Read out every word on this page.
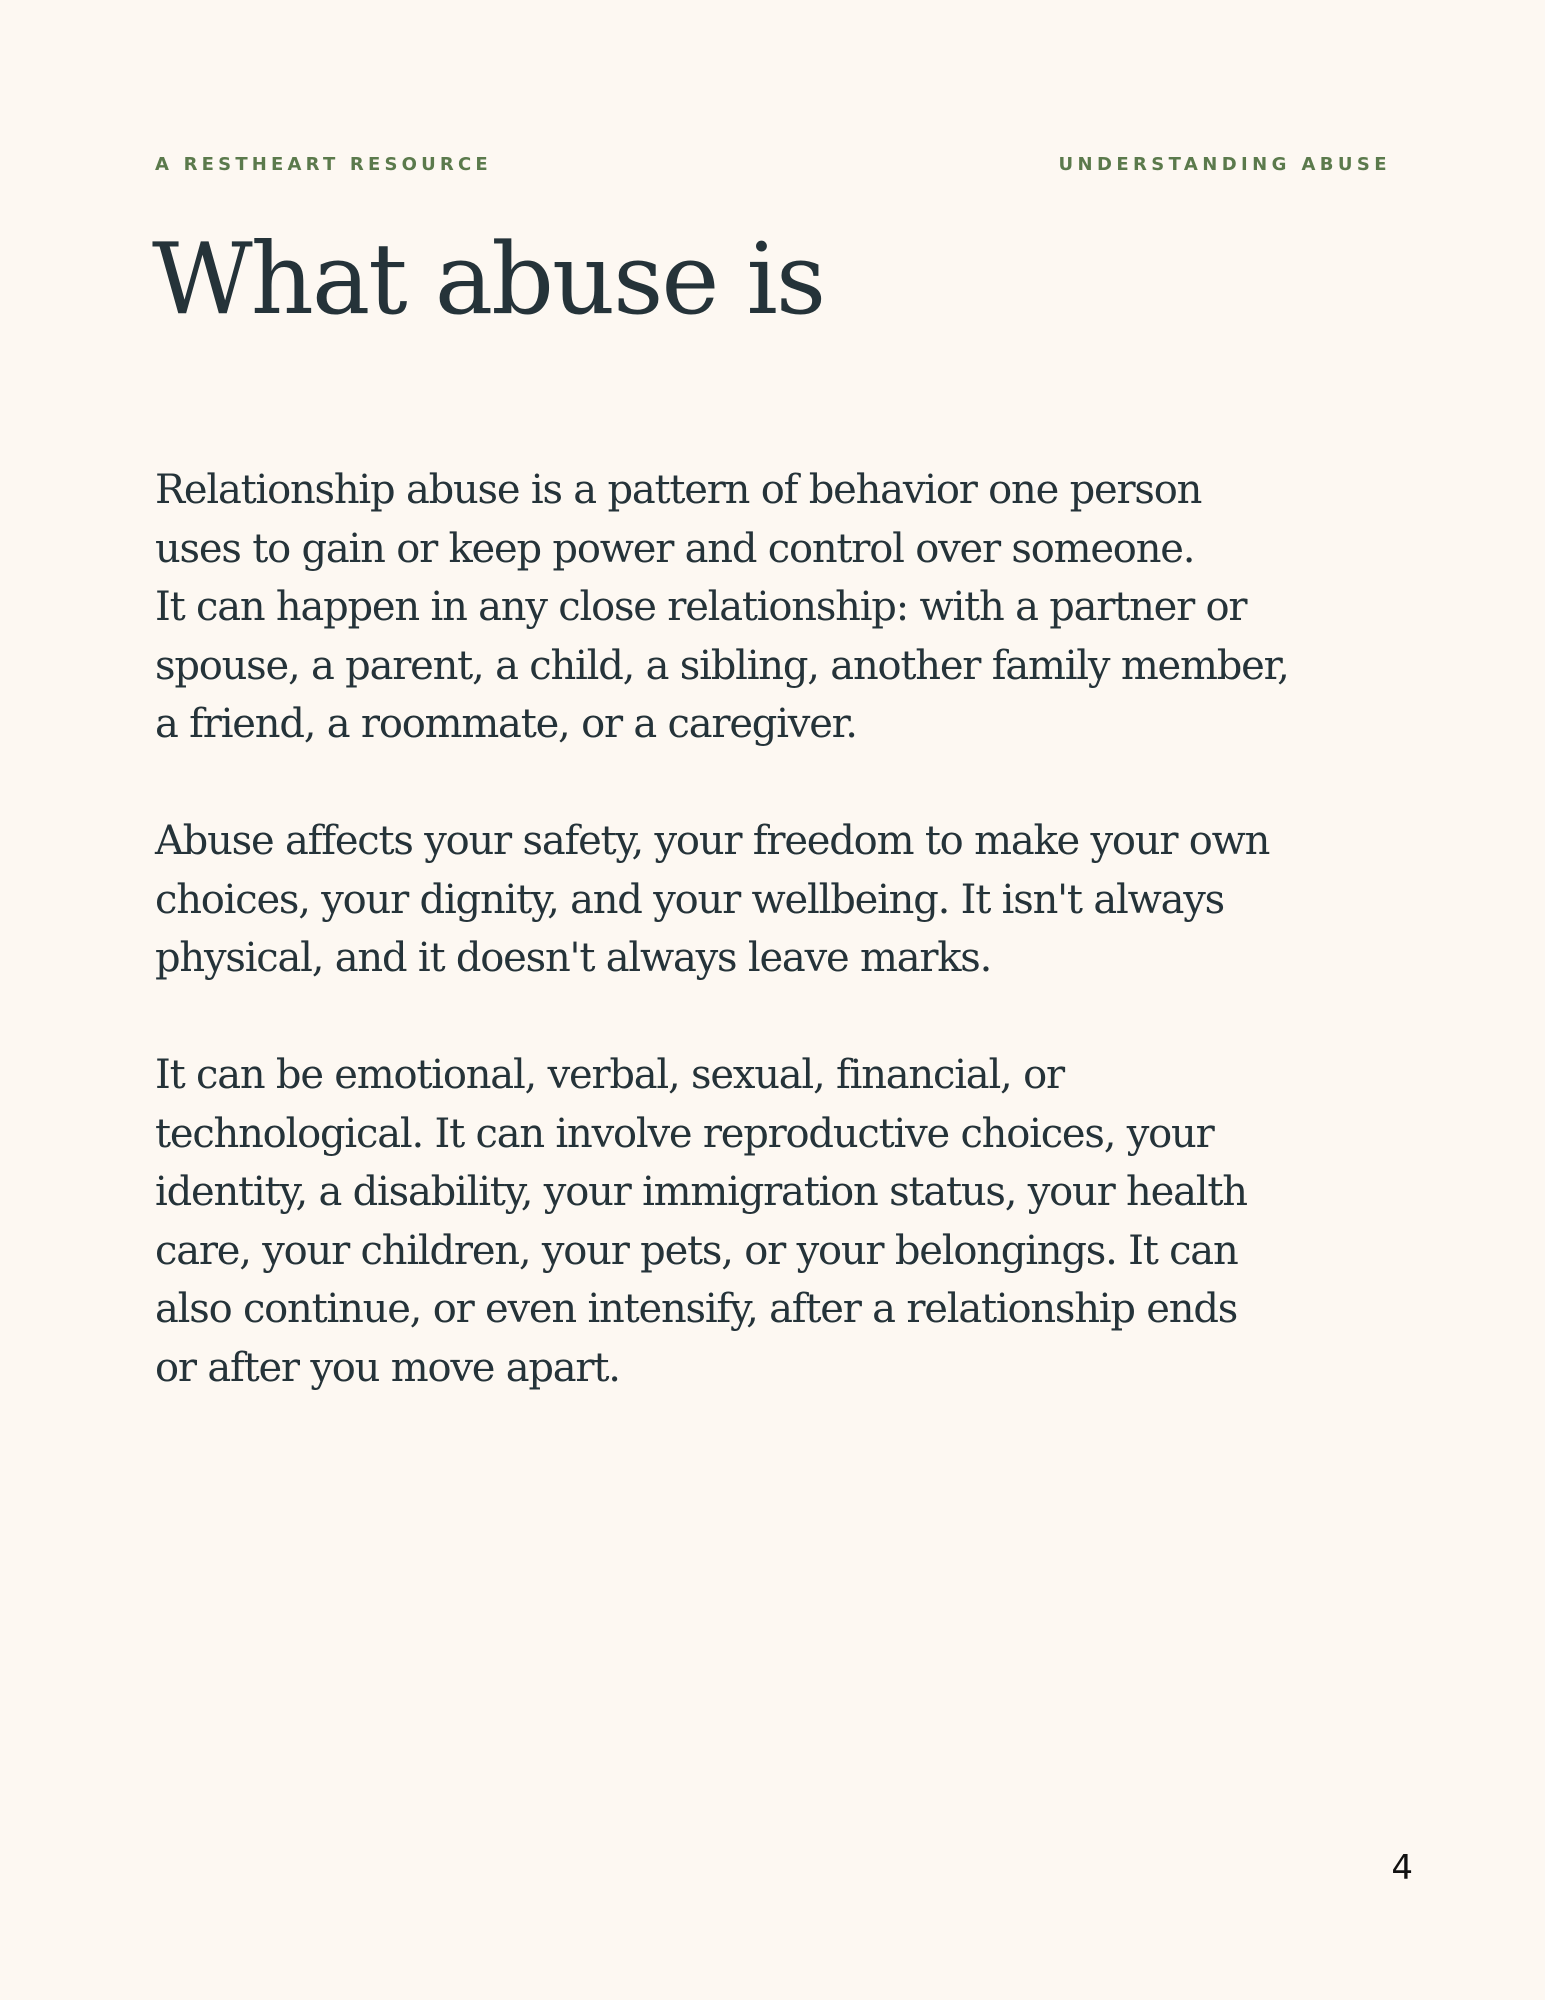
A RESTHEART RESOURCE	UNDERSTANDING ABUSE
What abuse is

Relationship abuse is a pattern of behavior one person
uses to gain or keep power and control over someone.
It can happen in any close relationship: with a partner or
spouse, a parent, a child, a sibling, another family member,
a friend, a roommate, or a caregiver.

Abuse affects your safety, your freedom to make your own
choices, your dignity, and your wellbeing. It isn't always
physical, and it doesn't always leave marks.

It can be emotional, verbal, sexual, financial, or
technological. It can involve reproductive choices, your
identity, a disability, your immigration status, your health
care, your children, your pets, or your belongings. It can
also continue, or even intensify, after a relationship ends
or after you move apart.

4
